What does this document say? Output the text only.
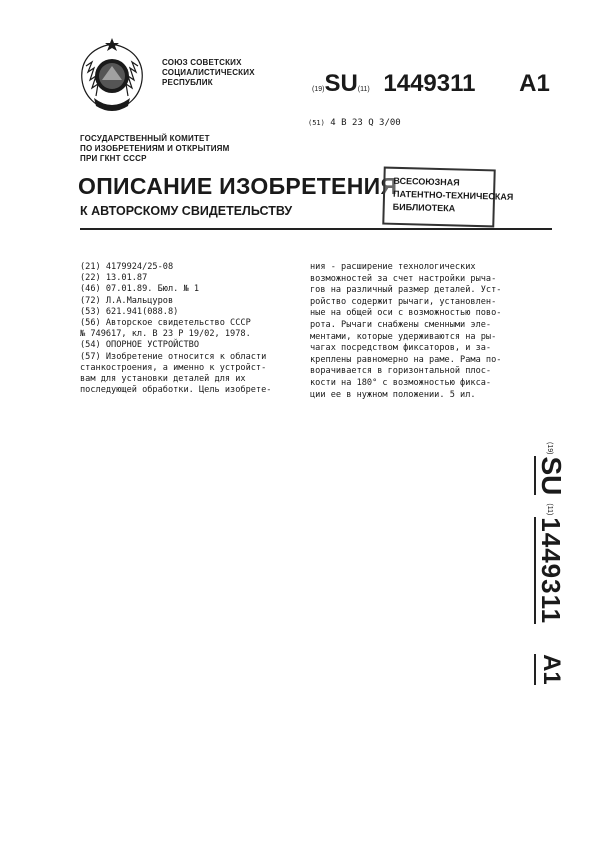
СОЮЗ СОВЕТСКИХ
СОЦИАЛИСТИЧЕСКИХ
РЕСПУБЛИК
(19)SU(11) 1449311 A1
(51) 4 В 23 Q 3/00
ГОСУДАРСТВЕННЫЙ КОМИТЕТ
ПО ИЗОБРЕТЕНИЯМ И ОТКРЫТИЯМ
ПРИ ГКНТ СССР
ОПИСАНИЕ ИЗОБРЕТЕНИЯ
К АВТОРСКОМУ СВИДЕТЕЛЬСТВУ
ВСЕСОЮЗНАЯ
ПАТЕНТНО-ТЕХНИЧЕСКАЯ
БИБЛИОТЕКА
(21) 4179924/25-08
(22) 13.01.87
(46) 07.01.89. Бюл. № 1
(72) Л.А.Мальцуров
(53) 621.941(088.8)
(56) Авторское свидетельство СССР
№ 749617, кл. В 23 Р 19/02, 1978.
(54) ОПОРНОЕ УСТРОЙСТВО
(57) Изобретение относится к области
станкостроения, а именно к устройст-
вам для установки деталей для их
последующей обработки. Цель изобрете-
ния - расширение технологических
возможностей за счет настройки рычa-
гов на различный размер деталей. Уст-
ройство содержит рычаги, установлен-
ные на общей оси с возможностью пово-
рота. Рычаги снабжены сменными эле-
ментами, которые удерживаются на ры-
чагах посредством фиксаторов, и за-
креплены равномерно на раме. Рама по-
ворачивается в горизонтальной плос-
кости на 180° с возможностью фикса-
ции ее в нужном положении. 5 ил.
(19)
SU
(11)
1449311
A1
